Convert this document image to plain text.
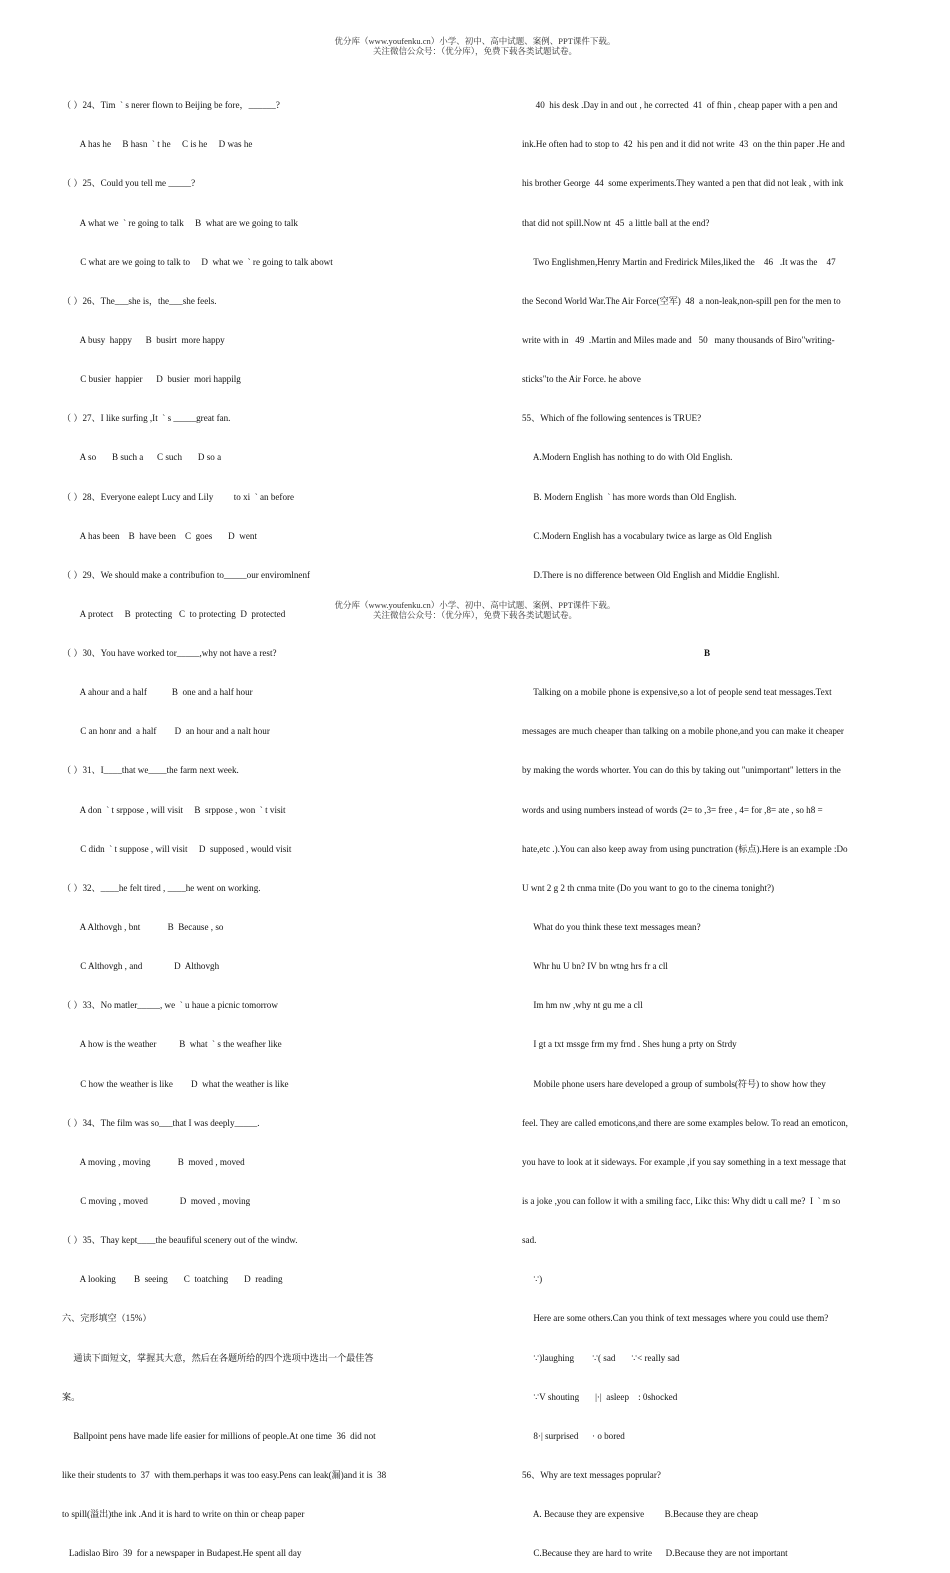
优分库（www.youfenku.cn）小学、初中、高中试题、案例、PPT课件下载。
关注微信公众号：（优分库），免费下载各类试题试卷。

（ ）24、Tim  ` s nerer flown to Beijing be fore，______?

A has he     B hasn  ` t he     C is he     D was he

（ ）25、Could you tell me _____?

A what we  ` re going to talk     B  what are we going to talk

C what are we going to talk to     D  what we  ` re going to talk abowt

（ ）26、The___she is，the___she feels.

A busy  happy      B  busirt  more happy

C busier  happier      D  busier  mori happilg

（ ）27、I like surfing ,It  ` s _____great fan.

A so       B such a      C such       D so a

（ ）28、Everyone ealept Lucy and Lily         to xi  ` an before

A has been    B  have been    C  goes       D  went

（ ）29、We should make a contribufion to_____our enviromlnenf

A protect     B  protecting   C  to protecting  D  protected

（ ）30、You have worked tor_____,why not have a rest?

A ahour and a half           B  one and a half hour

C an honr and  a half        D  an hour and a nalt hour

（ ）31、I____that we____the farm next week.

A don  ` t srppose , will visit     B  srppose , won  ` t visit

C didn  ` t suppose , will visit     D  supposed , would visit

（ ）32、____he felt tired , ____he went on working.

A Althovgh , bnt            B  Because , so

C Althovgh , and              D  Althovgh

（ ）33、No matler_____, we  ` u haue a picnic tomorrow

A how is the weather          B  what  ` s the weafher like

C how the weather is like        D  what the weather is like

（ ）34、The film was so___that I was deeply_____.

A moving , moving            B  moved , moved

C moving , moved              D  moved , moving

（ ）35、Thay kept____the beaufiful scenery out of the windw.

A looking        B  seeing       C  toatching       D  reading

六、完形填空（15%）

通读下面短文，掌握其大意，然后在各题所给的四个选项中选出一个最佳答

案。

Ballpoint pens have made life easier for millions of people.At one time  36  did not

like their students to  37  with them.perhaps it was too easy.Pens can leak(漏)and it is  38

to spill(溢出)the ink .And it is hard to write on thin or cheap paper

Ladislao Biro  39  for a newspaper in Budapest.He spent all day

40  his desk .Day in and out , he corrected  41  of fhin , cheap paper with a pen and

ink.He often had to stop to  42  his pen and it did not write  43  on the thin paper .He and

his brother George  44  some experiments.They wanted a pen that did not leak , with ink

that did not spill.Now nt  45  a little ball at the end?

Two Englishmen,Henry Martin and Fredirick Miles,liked the    46   .It was the    47

the Second World War.The Air Force(空军)  48  a non-leak,non-spill pen for the men to

write with in   49  .Martin and Miles made and   50   many thousands of Biro"writing-

sticks"to the Air Force. he above

55、Which of fhe following sentences is TRUE?

A.Modern English has nothing to do with Old English.

B. Modern English  ` has more words than Old English.

C.Modern English has a vocabulary twice as large as Old English

D.There is no difference between Old English and Middie Englishl.

B

Talking on a mobile phone is expensive,so a lot of people send teat messages.Text

messages are much cheaper than talking on a mobile phone,and you can make it cheaper

by making the words whorter. You can do this by taking out "unimportant" letters in the

words and using numbers instead of words (2= to ,3= free , 4= for ,8= ate , so h8 =

hate,etc .).You can also keep away from using punctration (标点).Here is an example :Do

U wnt 2 g 2 th cnma tnite (Do you want to go to the cinema tonight?)

What do you think these text messages mean?

Whr hu U bn? IV bn wtng hrs fr a cll

Im hm nw ,why nt gu me a cll

I gt a txt mssge frm my frnd . Shes hung a prty on Strdy

Mobile phone users hare developed a group of sumbols(符号) to show how they

feel. They are called emoticons,and there are some examples below. To read an emoticon,

you have to look at it sideways. For example ,if you say something in a text message that

is a joke ,you can follow it with a smiling facc, Likc this: Why didt u call me?  I  ` m so

sad.

∵)

Here are some others.Can you think of text messages where you could use them?

∵)laughing        ∵( sad       ∵< really sad

∵V shouting       |·|  asleep    : 0shocked

8·| surprised      · o bored

56、Why are text messages poprular?

A. Because they are expensive         B.Because they are cheap

C.Because they are hard to write      D.Because they are not important

优分库（www.youfenku.cn）小学、初中、高中试题、案例、PPT课件下载。
关注微信公众号：（优分库），免费下载各类试题试卷。
